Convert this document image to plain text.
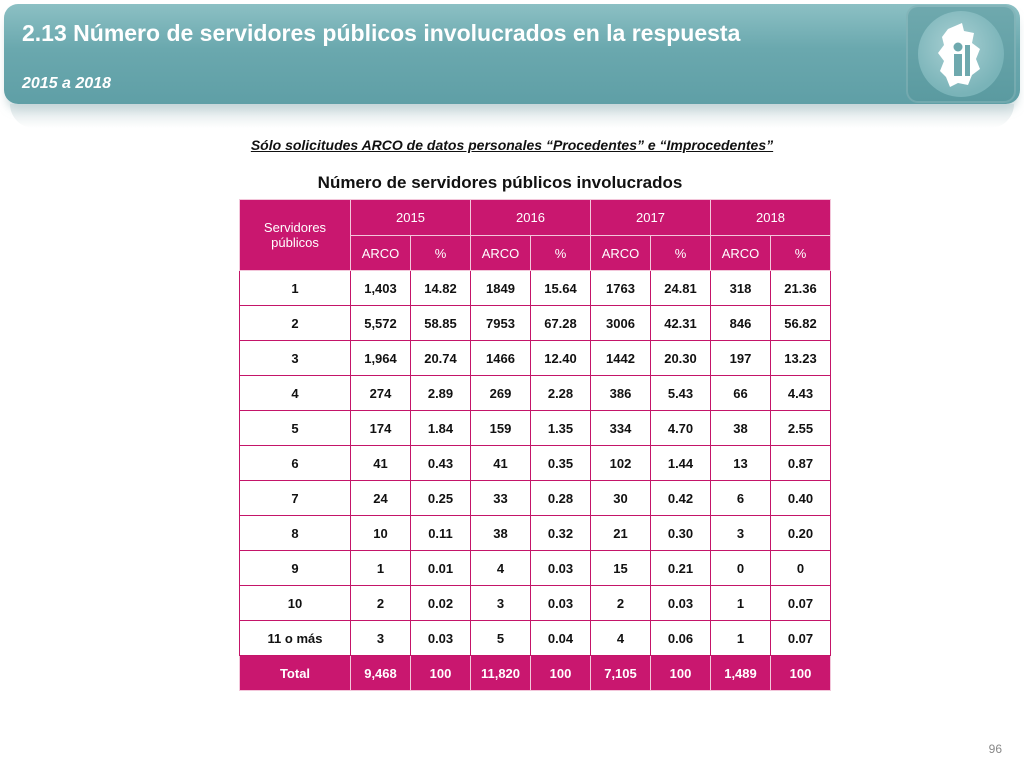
2.13 Número de servidores públicos involucrados en la respuesta
2015 a 2018
Sólo solicitudes ARCO de datos personales “Procedentes” e “Improcedentes”
Número de servidores públicos involucrados
Servidores públicos	2015		2016		2017		2018	
	ARCO	%	ARCO	%	ARCO	%	ARCO	%
1	1,403	14.82	1849	15.64	1763	24.81	318	21.36
2	5,572	58.85	7953	67.28	3006	42.31	846	56.82
3	1,964	20.74	1466	12.40	1442	20.30	197	13.23
4	274	2.89	269	2.28	386	5.43	66	4.43
5	174	1.84	159	1.35	334	4.70	38	2.55
6	41	0.43	41	0.35	102	1.44	13	0.87
7	24	0.25	33	0.28	30	0.42	6	0.40
8	10	0.11	38	0.32	21	0.30	3	0.20
9	1	0.01	4	0.03	15	0.21	0	0
10	2	0.02	3	0.03	2	0.03	1	0.07
11 o más	3	0.03	5	0.04	4	0.06	1	0.07
Total	9,468	100	11,820	100	7,105	100	1,489	100
96
